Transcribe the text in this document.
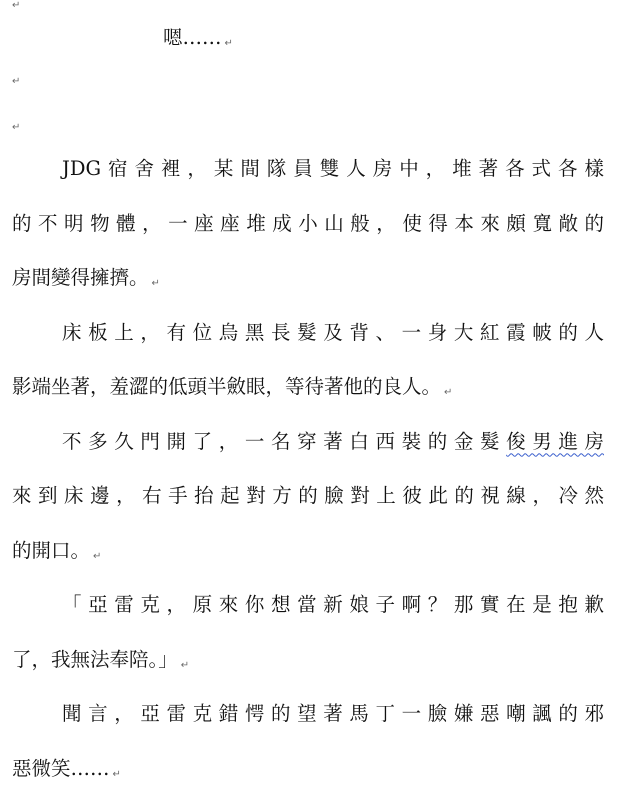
↵
嗯…… ↵
↵
↵
JDG宿舍裡，某間隊員雙人房中，堆著各式各樣
的不明物體，一座座堆成小山般，使得本來頗寬敞的
房間變得擁擠。 ↵
床板上，有位烏黑長髮及背、一身大紅霞帔的人
影端坐著，羞澀的低頭半斂眼，等待著他的良人。 ↵
不多久門開了，一名穿著白西裝的金髮俊男進房
來到床邊，右手抬起對方的臉對上彼此的視線，冷然
的開口。 ↵
「亞雷克，原來你想當新娘子啊？那實在是抱歉
了，我無法奉陪。」 ↵
聞言，亞雷克錯愕的望著馬丁一臉嫌惡嘲諷的邪
惡微笑…… ↵
